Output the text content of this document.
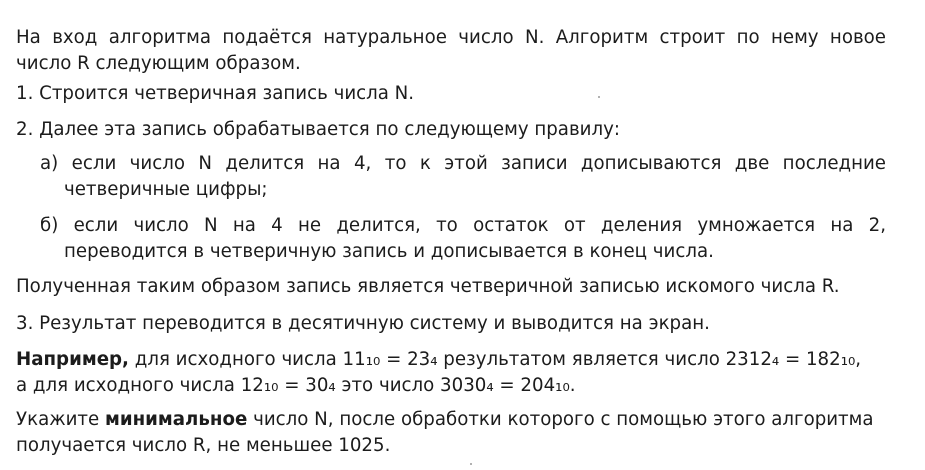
На вход алгоритма подаётся натуральное число N. Алгоритм строит по нему новое
число R следующим образом.
1. Строится четверичная запись числа N.
2. Далее эта запись обрабатывается по следующему правилу:
а) если число N делится на 4, то к этой записи дописываются две последние
четверичные цифры;
б) если число N на 4 не делится, то остаток от деления умножается на 2,
переводится в четверичную запись и дописывается в конец числа.
Полученная таким образом запись является четверичной записью искомого числа R.
3. Результат переводится в десятичную систему и выводится на экран.
Например, для исходного числа 11₁₀ = 23₄ результатом является число 2312₄ = 182₁₀,
а для исходного числа 12₁₀ = 30₄ это число 3030₄ = 204₁₀.
Укажите минимальное число N, после обработки которого с помощью этого алгоритма
получается число R, не меньшее 1025.
